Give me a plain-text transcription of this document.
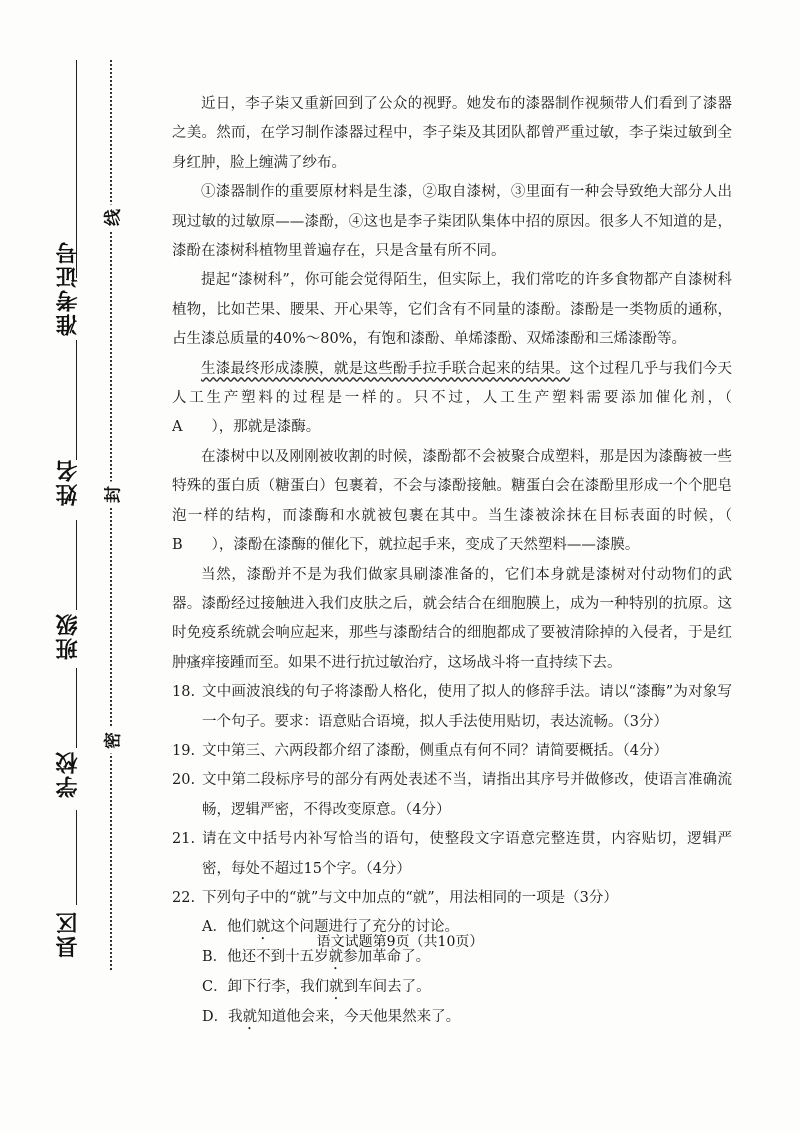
准考证号
姓名
班级
学校
县区
线
封
密

近日，李子柒又重新回到了公众的视野。她发布的漆器制作视频带人们看到了漆器之美。然而，在学习制作漆器过程中，李子柒及其团队都曾严重过敏，李子柒过敏到全身红肿，脸上缠满了纱布。

①漆器制作的重要原材料是生漆，②取自漆树，③里面有一种会导致绝大部分人出现过敏的过敏原——漆酚，④这也是李子柒团队集体中招的原因。很多人不知道的是，漆酚在漆树科植物里普遍存在，只是含量有所不同。

提起“漆树科”，你可能会觉得陌生，但实际上，我们常吃的许多食物都产自漆树科植物，比如芒果、腰果、开心果等，它们含有不同量的漆酚。漆酚是一类物质的通称，占生漆总质量的40%～80%，有饱和漆酚、单烯漆酚、双烯漆酚和三烯漆酚等。

生漆最终形成漆膜，就是这些酚手拉手联合起来的结果。这个过程几乎与我们今天人工生产塑料的过程是一样的。只不过，人工生产塑料需要添加催化剂，（　　A　　），那就是漆酶。

在漆树中以及刚刚被收割的时候，漆酚都不会被聚合成塑料，那是因为漆酶被一些特殊的蛋白质（糖蛋白）包裹着，不会与漆酚接触。糖蛋白会在漆酚里形成一个个肥皂泡一样的结构，而漆酶和水就被包裹在其中。当生漆被涂抹在目标表面的时候，（　　B　　），漆酚在漆酶的催化下，就拉起手来，变成了天然塑料——漆膜。

当然，漆酚并不是为我们做家具刷漆准备的，它们本身就是漆树对付动物们的武器。漆酚经过接触进入我们皮肤之后，就会结合在细胞膜上，成为一种特别的抗原。这时免疫系统就会响应起来，那些与漆酚结合的细胞都成了要被清除掉的入侵者，于是红肿瘙痒接踵而至。如果不进行抗过敏治疗，这场战斗将一直持续下去。

18. 文中画波浪线的句子将漆酚人格化，使用了拟人的修辞手法。请以“漆酶”为对象写一个句子。要求：语意贴合语境，拟人手法使用贴切，表达流畅。（3分）

19. 文中第三、六两段都介绍了漆酚，侧重点有何不同？请简要概括。（4分）

20. 文中第二段标序号的部分有两处表述不当，请指出其序号并做修改，使语言准确流畅，逻辑严密，不得改变原意。（4分）

21. 请在文中括号内补写恰当的语句，使整段文字语意完整连贯，内容贴切，逻辑严密，每处不超过15个字。（4分）

22. 下列句子中的“就”与文中加点的“就”，用法相同的一项是（3分）

A．他们就这个问题进行了充分的讨论。

B．他还不到十五岁就参加革命了。

C．卸下行李，我们就到车间去了。

D．我就知道他会来，今天他果然来了。

语文试题第9页（共10页）
